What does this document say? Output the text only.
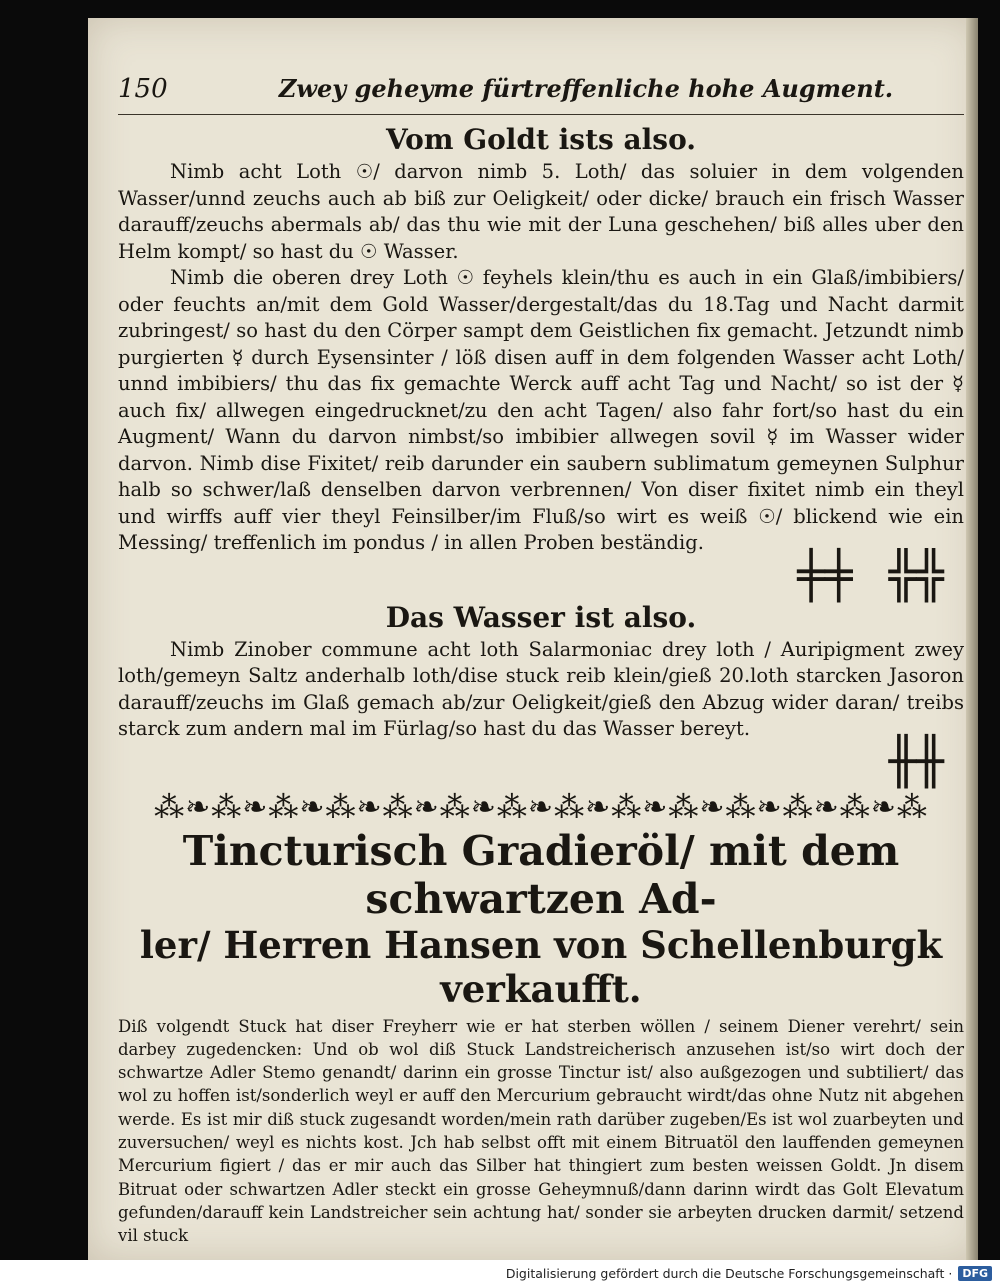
150	Zwey geheyme fürtreffenliche hohe Augment.
Vom Goldt ists also.

Nimb acht Loth ☉/ darvon nimb 5. Loth/ das soluier in dem volgenden Wasser/unnd zeuchs auch ab biß zur Oeligkeit/ oder dicke/ brauch ein frisch Wasser darauff/zeuchs abermals ab/ das thu wie mit der Luna geschehen/ biß alles uber den Helm kompt/ so hast du ☉ Wasser.

Nimb die oberen drey Loth ☉ feyhels klein/thu es auch in ein Glaß/imbibiers/ oder feuchts an/mit dem Gold Wasser/dergestalt/das du 18.Tag und Nacht darmit zubringest/ so hast du den Cörper sampt dem Geistlichen fix gemacht. Jetzundt nimb purgierten ☿ durch Eysensinter / löß disen auff in dem folgenden Wasser acht Loth/ unnd imbibiers/ thu das fix gemachte Werck auff acht Tag und Nacht/ so ist der ☿ auch fix/ allwegen eingedrucknet/zu den acht Tagen/ also fahr fort/so hast du ein Augment/ Wann du darvon nimbst/so imbibier allwegen sovil ☿ im Wasser wider darvon. Nimb dise Fixitet/ reib darunder ein saubern sublimatum gemeynen Sulphur halb so schwer/laß denselben darvon verbrennen/ Von diser fixitet nimb ein theyl und wirffs auff vier theyl Feinsilber/im Fluß/so wirt es weiß ☉/ blickend wie ein Messing/ treffenlich im pondus / in allen Proben beständig.

╪╪ ╬╬
Das Wasser ist also.

Nimb Zinober commune acht loth Salarmoniac drey loth / Auripigment zwey loth/gemeyn Saltz anderhalb loth/dise stuck reib klein/gieß 20.loth starcken Jasoron darauff/zeuchs im Glaß gemach ab/zur Oeligkeit/gieß den Abzug wider daran/ treibs starck zum andern mal im Fürlag/so hast du das Wasser bereyt.

╫╫
⁂❧⁂❧⁂❧⁂❧⁂❧⁂❧⁂❧⁂❧⁂❧⁂❧⁂❧⁂❧⁂❧⁂
Tincturisch Gradieröl/ mit dem schwartzen Ad-
ler/ Herren Hansen von Schellenburgk verkaufft.

Diß volgendt Stuck hat diser Freyherr wie er hat sterben wöllen / seinem Diener verehrt/ sein darbey zugedencken: Und ob wol diß Stuck Landstreicherisch anzusehen ist/so wirt doch der schwartze Adler Stemo genandt/ darinn ein grosse Tinctur ist/ also außgezogen und subtiliert/ das wol zu hoffen ist/sonderlich weyl er auff den Mercurium gebraucht wirdt/das ohne Nutz nit abgehen werde. Es ist mir diß stuck zugesandt worden/mein rath darüber zugeben/Es ist wol zuarbeyten und zuversuchen/ weyl es nichts kost. Jch hab selbst offt mit einem Bitruatöl den lauffenden gemeynen Mercurium figiert / das er mir auch das Silber hat thingiert zum besten weissen Goldt. Jn disem Bitruat oder schwartzen Adler steckt ein grosse Geheymnuß/dann darinn wirdt das Golt Elevatum gefunden/darauff kein Landstreicher sein achtung hat/ sonder sie arbeyten drucken darmit/ setzend vil stuck

Digitalisierung gefördert durch die Deutsche Forschungsgemeinschaft · DFG
